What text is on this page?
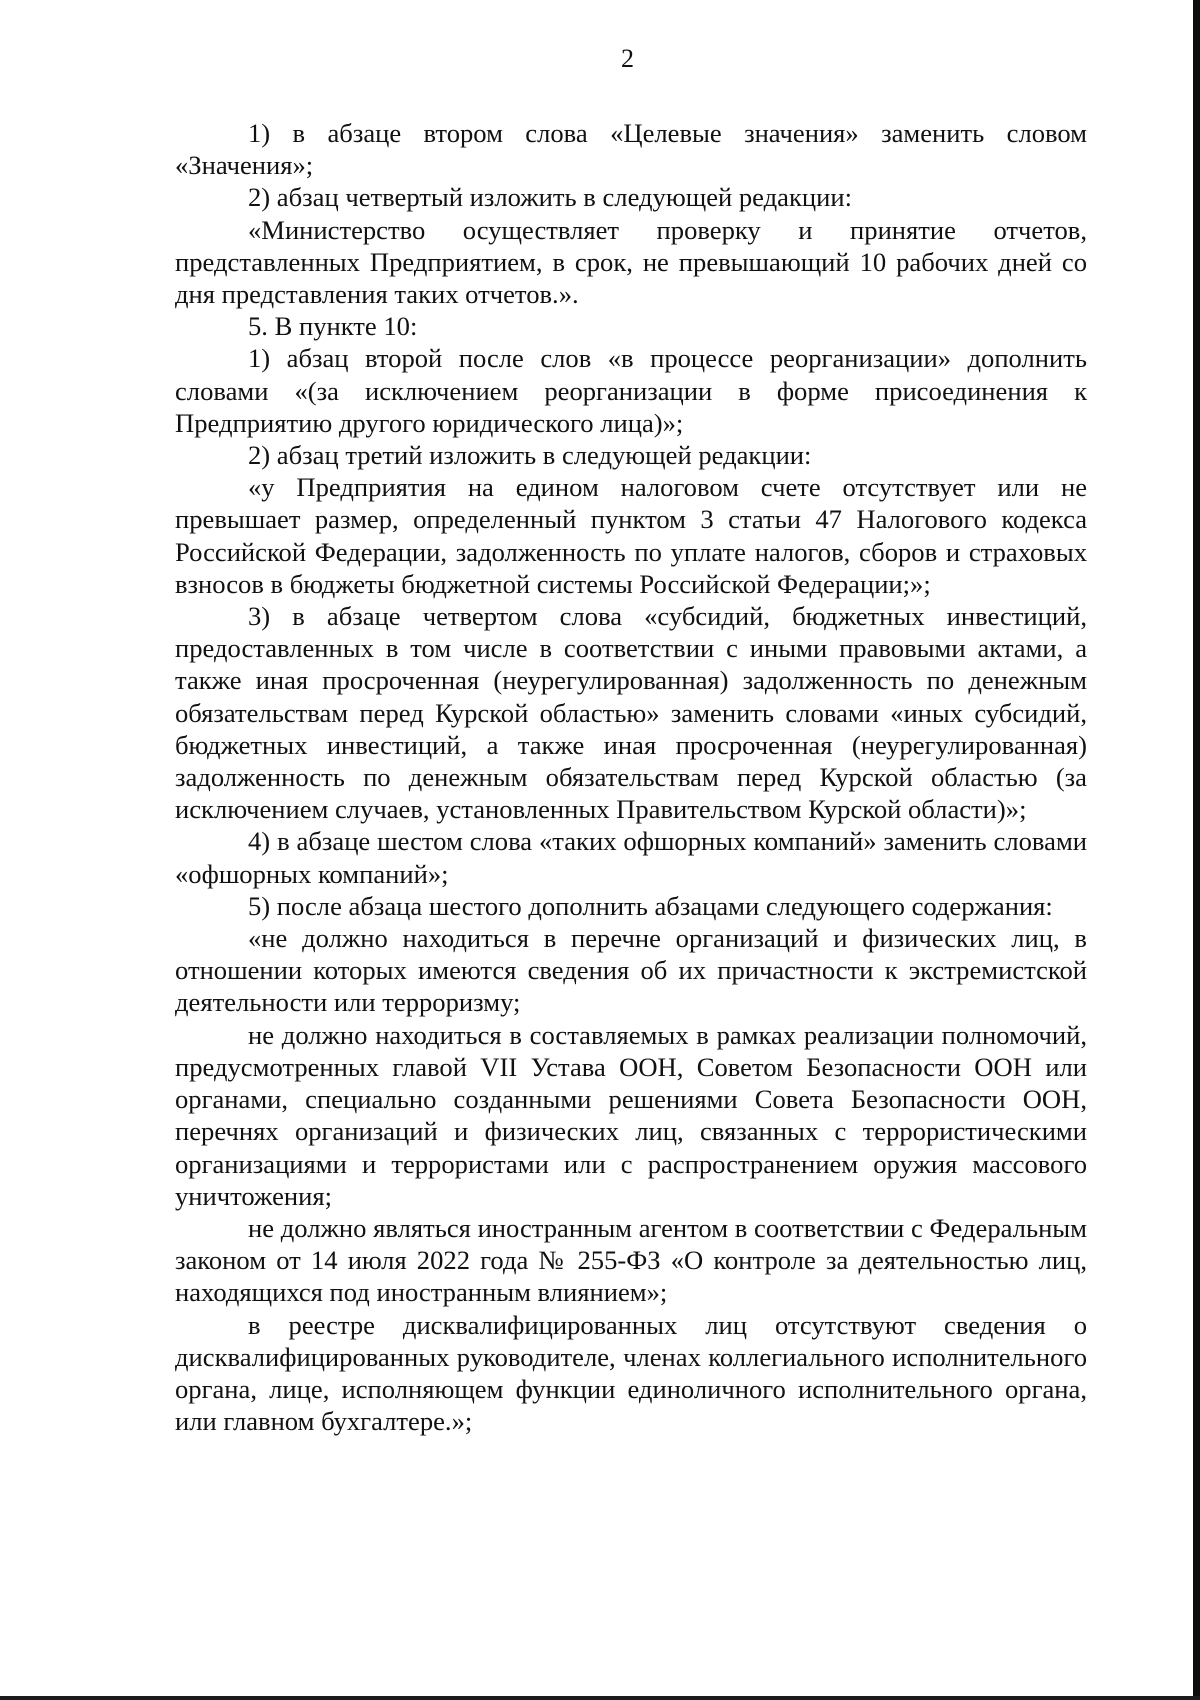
2

1) в абзаце втором слова «Целевые значения» заменить словом «Значения»;

2) абзац четвертый изложить в следующей редакции:

«Министерство осуществляет проверку и принятие отчетов, представленных Предприятием, в срок, не превышающий 10 рабочих дней со дня представления таких отчетов.».

5. В пункте 10:

1) абзац второй после слов «в процессе реорганизации» дополнить словами «(за исключением реорганизации в форме присоединения к Предприятию другого юридического лица)»;

2) абзац третий изложить в следующей редакции:

«у Предприятия на едином налоговом счете отсутствует или не превышает размер, определенный пунктом 3 статьи 47 Налогового кодекса Российской Федерации, задолженность по уплате налогов, сборов и страховых взносов в бюджеты бюджетной системы Российской Федерации;»;

3) в абзаце четвертом слова «субсидий, бюджетных инвестиций, предоставленных в том числе в соответствии с иными правовыми актами, а также иная просроченная (неурегулированная) задолженность по денежным обязательствам перед Курской областью» заменить словами «иных субсидий, бюджетных инвестиций, а также иная просроченная (неурегулированная) задолженность по денежным обязательствам перед Курской областью (за исключением случаев, установленных Правительством Курской области)»;

4) в абзаце шестом слова «таких офшорных компаний» заменить словами «офшорных компаний»;

5) после абзаца шестого дополнить абзацами следующего содержания:

«не должно находиться в перечне организаций и физических лиц, в отношении которых имеются сведения об их причастности к экстремистской деятельности или терроризму;

не должно находиться в составляемых в рамках реализации полномочий, предусмотренных главой VII Устава ООН, Советом Безопасности ООН или органами, специально созданными решениями Совета Безопасности ООН, перечнях организаций и физических лиц, связанных с террористическими организациями и террористами или с распространением оружия массового уничтожения;

не должно являться иностранным агентом в соответствии с Федеральным законом от 14 июля 2022 года № 255-ФЗ «О контроле за деятельностью лиц, находящихся под иностранным влиянием»;

в реестре дисквалифицированных лиц отсутствуют сведения о дисквалифицированных руководителе, членах коллегиального исполнительного органа, лице, исполняющем функции единоличного исполнительного органа, или главном бухгалтере.»;
